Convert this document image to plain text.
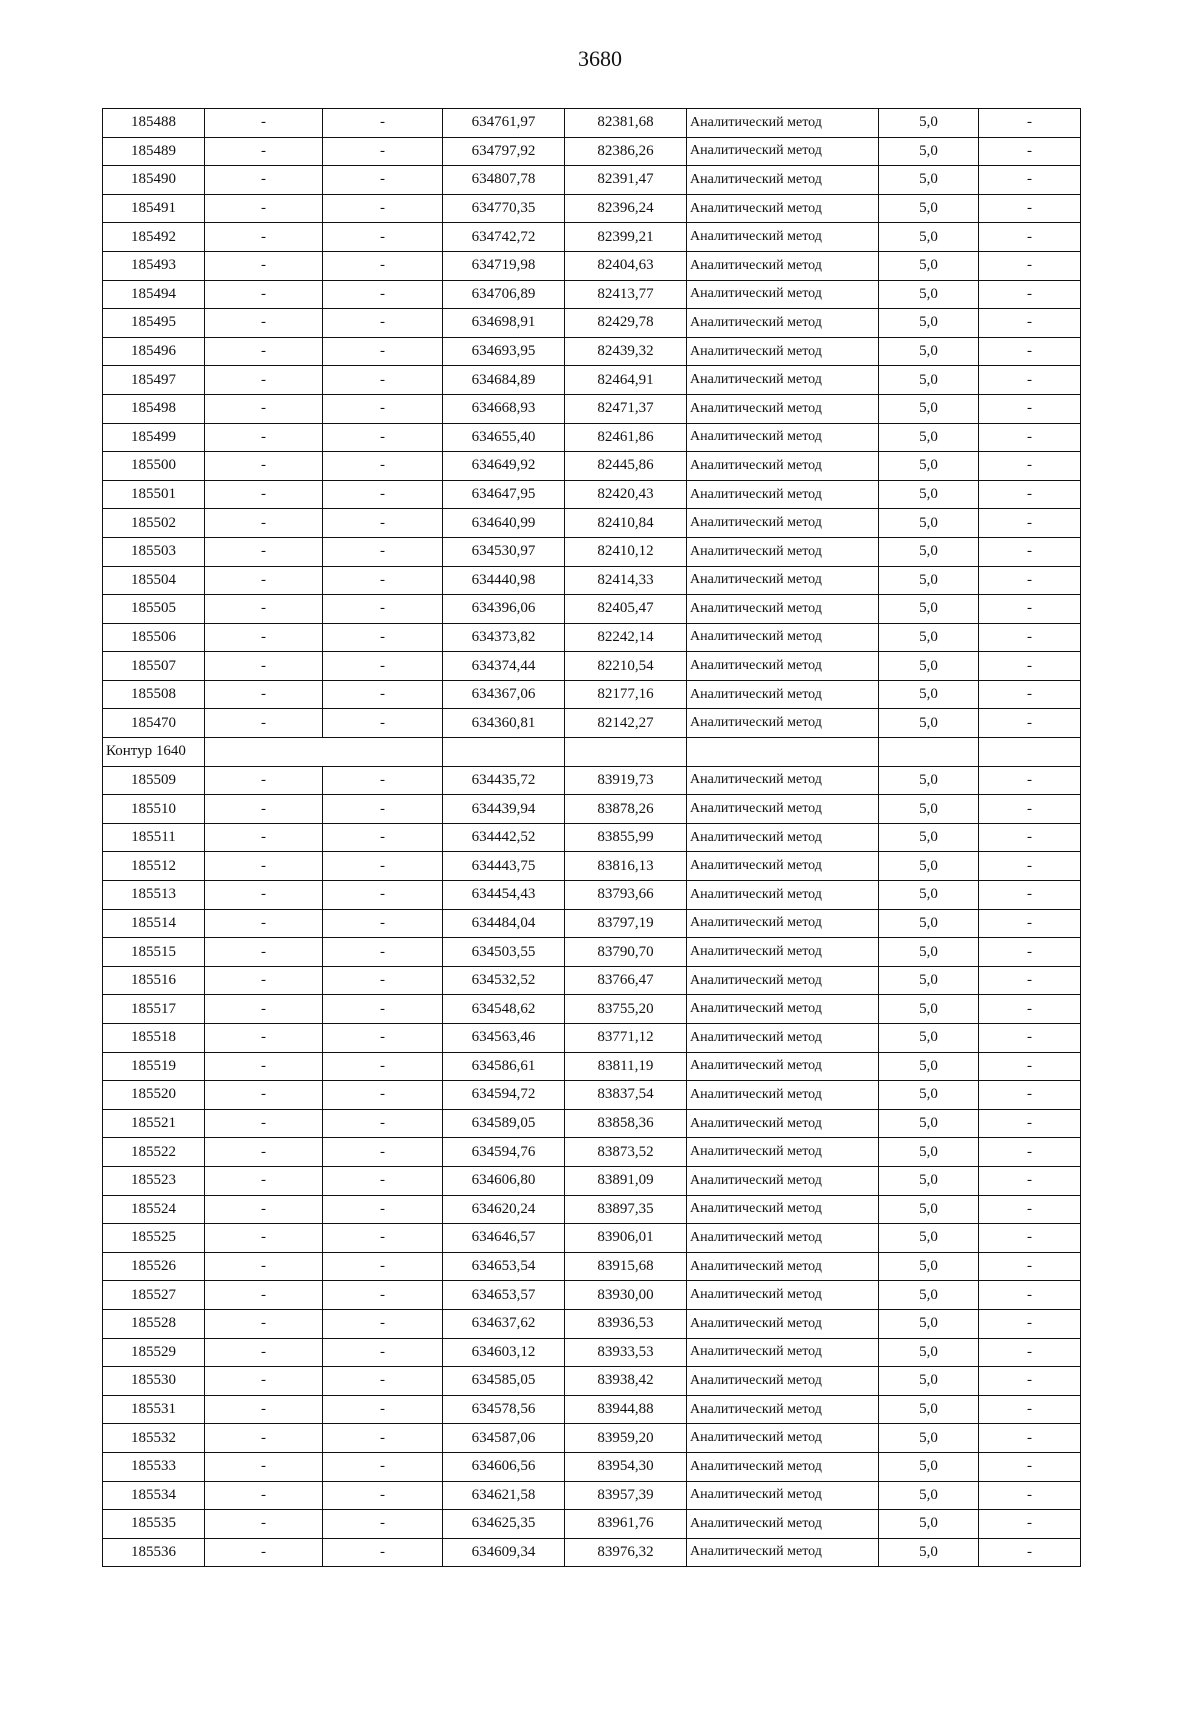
3680
185488	-	-	634761,97	82381,68	Аналитический метод	5,0	-
185489	-	-	634797,92	82386,26	Аналитический метод	5,0	-
185490	-	-	634807,78	82391,47	Аналитический метод	5,0	-
185491	-	-	634770,35	82396,24	Аналитический метод	5,0	-
185492	-	-	634742,72	82399,21	Аналитический метод	5,0	-
185493	-	-	634719,98	82404,63	Аналитический метод	5,0	-
185494	-	-	634706,89	82413,77	Аналитический метод	5,0	-
185495	-	-	634698,91	82429,78	Аналитический метод	5,0	-
185496	-	-	634693,95	82439,32	Аналитический метод	5,0	-
185497	-	-	634684,89	82464,91	Аналитический метод	5,0	-
185498	-	-	634668,93	82471,37	Аналитический метод	5,0	-
185499	-	-	634655,40	82461,86	Аналитический метод	5,0	-
185500	-	-	634649,92	82445,86	Аналитический метод	5,0	-
185501	-	-	634647,95	82420,43	Аналитический метод	5,0	-
185502	-	-	634640,99	82410,84	Аналитический метод	5,0	-
185503	-	-	634530,97	82410,12	Аналитический метод	5,0	-
185504	-	-	634440,98	82414,33	Аналитический метод	5,0	-
185505	-	-	634396,06	82405,47	Аналитический метод	5,0	-
185506	-	-	634373,82	82242,14	Аналитический метод	5,0	-
185507	-	-	634374,44	82210,54	Аналитический метод	5,0	-
185508	-	-	634367,06	82177,16	Аналитический метод	5,0	-
185470	-	-	634360,81	82142,27	Аналитический метод	5,0	-
Контур 1640							
185509	-	-	634435,72	83919,73	Аналитический метод	5,0	-
185510	-	-	634439,94	83878,26	Аналитический метод	5,0	-
185511	-	-	634442,52	83855,99	Аналитический метод	5,0	-
185512	-	-	634443,75	83816,13	Аналитический метод	5,0	-
185513	-	-	634454,43	83793,66	Аналитический метод	5,0	-
185514	-	-	634484,04	83797,19	Аналитический метод	5,0	-
185515	-	-	634503,55	83790,70	Аналитический метод	5,0	-
185516	-	-	634532,52	83766,47	Аналитический метод	5,0	-
185517	-	-	634548,62	83755,20	Аналитический метод	5,0	-
185518	-	-	634563,46	83771,12	Аналитический метод	5,0	-
185519	-	-	634586,61	83811,19	Аналитический метод	5,0	-
185520	-	-	634594,72	83837,54	Аналитический метод	5,0	-
185521	-	-	634589,05	83858,36	Аналитический метод	5,0	-
185522	-	-	634594,76	83873,52	Аналитический метод	5,0	-
185523	-	-	634606,80	83891,09	Аналитический метод	5,0	-
185524	-	-	634620,24	83897,35	Аналитический метод	5,0	-
185525	-	-	634646,57	83906,01	Аналитический метод	5,0	-
185526	-	-	634653,54	83915,68	Аналитический метод	5,0	-
185527	-	-	634653,57	83930,00	Аналитический метод	5,0	-
185528	-	-	634637,62	83936,53	Аналитический метод	5,0	-
185529	-	-	634603,12	83933,53	Аналитический метод	5,0	-
185530	-	-	634585,05	83938,42	Аналитический метод	5,0	-
185531	-	-	634578,56	83944,88	Аналитический метод	5,0	-
185532	-	-	634587,06	83959,20	Аналитический метод	5,0	-
185533	-	-	634606,56	83954,30	Аналитический метод	5,0	-
185534	-	-	634621,58	83957,39	Аналитический метод	5,0	-
185535	-	-	634625,35	83961,76	Аналитический метод	5,0	-
185536	-	-	634609,34	83976,32	Аналитический метод	5,0	-
